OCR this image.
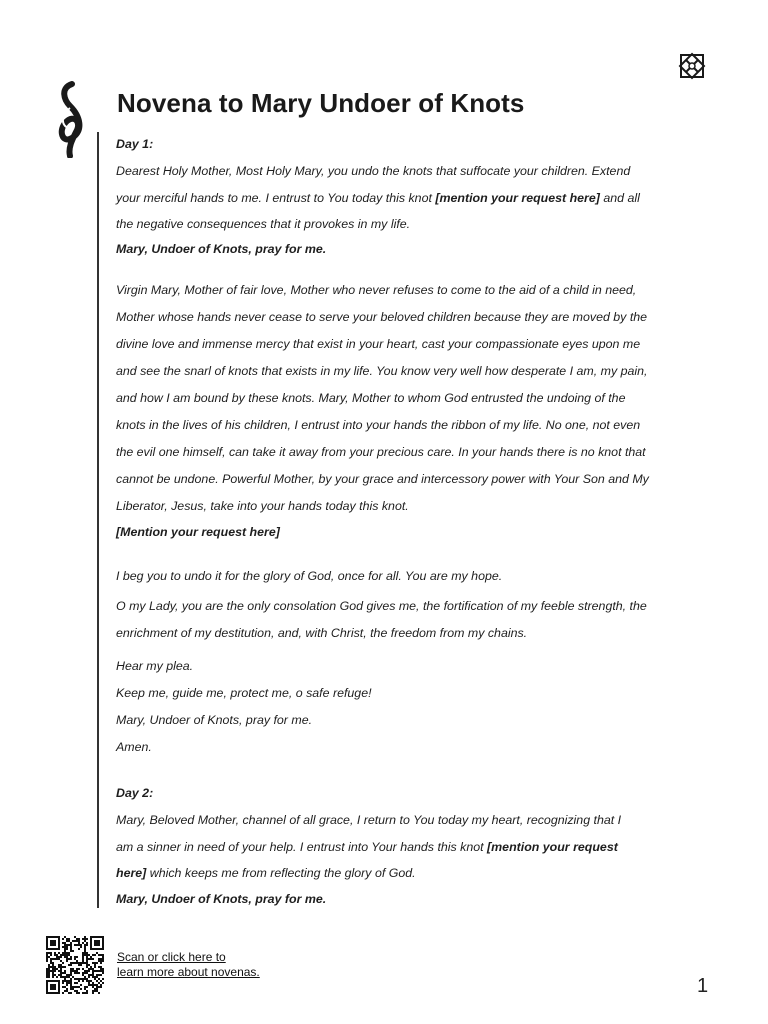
Novena to Mary Undoer of Knots

Day 1:

Dearest Holy Mother, Most Holy Mary, you undo the knots that suffocate your children. Extend

your merciful hands to me. I entrust to You today this knot [mention your request here] and all

the negative consequences that it provokes in my life.

Mary, Undoer of Knots, pray for me.

Virgin Mary, Mother of fair love, Mother who never refuses to come to the aid of a child in need,

Mother whose hands never cease to serve your beloved children because they are moved by the

divine love and immense mercy that exist in your heart, cast your compassionate eyes upon me

and see the snarl of knots that exists in my life. You know very well how desperate I am, my pain,

and how I am bound by these knots. Mary, Mother to whom God entrusted the undoing of the

knots in the lives of his children, I entrust into your hands the ribbon of my life. No one, not even

the evil one himself, can take it away from your precious care. In your hands there is no knot that

cannot be undone. Powerful Mother, by your grace and intercessory power with Your Son and My

Liberator, Jesus, take into your hands today this knot.

[Mention your request here]

I beg you to undo it for the glory of God, once for all. You are my hope.

O my Lady, you are the only consolation God gives me, the fortification of my feeble strength, the

enrichment of my destitution, and, with Christ, the freedom from my chains.

Hear my plea.

Keep me, guide me, protect me, o safe refuge!

Mary, Undoer of Knots, pray for me.

Amen.

Day 2:

Mary, Beloved Mother, channel of all grace, I return to You today my heart, recognizing that I

am a sinner in need of your help. I entrust into Your hands this knot [mention your request

here] which keeps me from reflecting the glory of God.

Mary, Undoer of Knots, pray for me.

Scan or click here to
learn more about novenas.
1
